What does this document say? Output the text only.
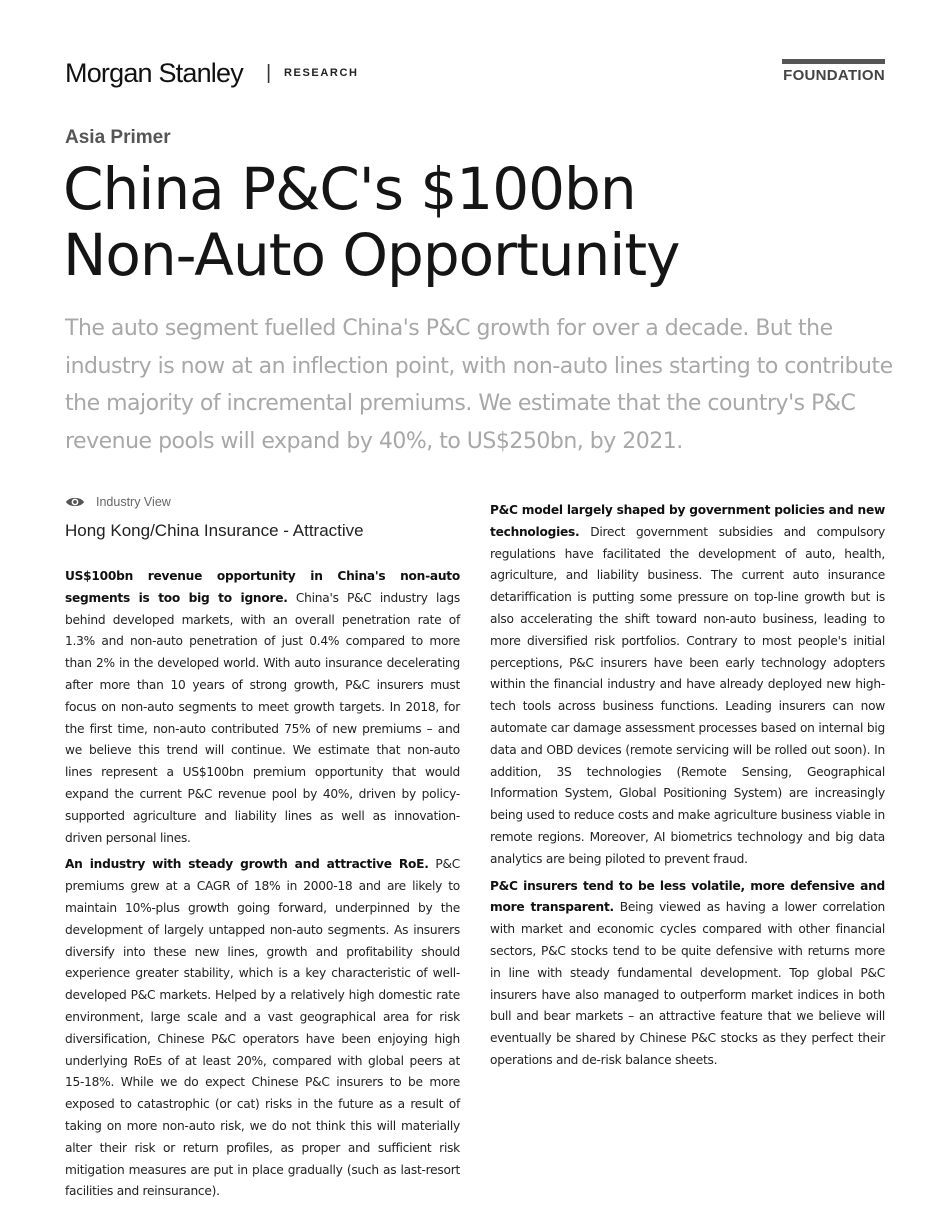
Morgan Stanley | RESEARCH	FOUNDATION
Asia Primer
China P&C's $100bn
Non-Auto Opportunity

The auto segment fuelled China's P&C growth for over a decade. But the industry is now at an inflection point, with non-auto lines starting to contribute the majority of incremental premiums. We estimate that the country's P&C revenue pools will expand by 40%, to US$250bn, by 2021.

Industry View
Hong Kong/China Insurance - Attractive

US$100bn revenue opportunity in China's non-auto segments is too big to ignore. China's P&C industry lags behind developed markets, with an overall penetration rate of 1.3% and non-auto penetration of just 0.4% compared to more than 2% in the developed world. With auto insurance decelerating after more than 10 years of strong growth, P&C insurers must focus on non-auto segments to meet growth targets. In 2018, for the first time, non-auto contributed 75% of new premiums – and we believe this trend will continue. We estimate that non-auto lines represent a US$100bn premium opportunity that would expand the current P&C revenue pool by 40%, driven by policy-supported agriculture and liability lines as well as innovation-driven personal lines.

An industry with steady growth and attractive RoE. P&C premiums grew at a CAGR of 18% in 2000-18 and are likely to maintain 10%-plus growth going forward, underpinned by the development of largely untapped non-auto segments. As insurers diversify into these new lines, growth and profitability should experience greater stability, which is a key characteristic of well-developed P&C markets. Helped by a relatively high domestic rate environment, large scale and a vast geographical area for risk diversification, Chinese P&C operators have been enjoying high underlying RoEs of at least 20%, compared with global peers at 15-18%. While we do expect Chinese P&C insurers to be more exposed to catastrophic (or cat) risks in the future as a result of taking on more non-auto risk, we do not think this will materially alter their risk or return profiles, as proper and sufficient risk mitigation measures are put in place gradually (such as last-resort facilities and reinsurance).

P&C model largely shaped by government policies and new technologies. Direct government subsidies and compulsory regulations have facilitated the development of auto, health, agriculture, and liability business. The current auto insurance detariffication is putting some pressure on top-line growth but is also accelerating the shift toward non-auto business, leading to more diversified risk portfolios. Contrary to most people's initial perceptions, P&C insurers have been early technology adopters within the financial industry and have already deployed new high-tech tools across business functions. Leading insurers can now automate car damage assessment processes based on internal big data and OBD devices (remote servicing will be rolled out soon). In addition, 3S technologies (Remote Sensing, Geographical Information System, Global Positioning System) are increasingly being used to reduce costs and make agriculture business viable in remote regions. Moreover, AI biometrics technology and big data analytics are being piloted to prevent fraud.

P&C insurers tend to be less volatile, more defensive and more transparent. Being viewed as having a lower correlation with market and economic cycles compared with other financial sectors, P&C stocks tend to be quite defensive with returns more in line with steady fundamental development. Top global P&C insurers have also managed to outperform market indices in both bull and bear markets – an attractive feature that we believe will eventually be shared by Chinese P&C stocks as they perfect their operations and de-risk balance sheets.
